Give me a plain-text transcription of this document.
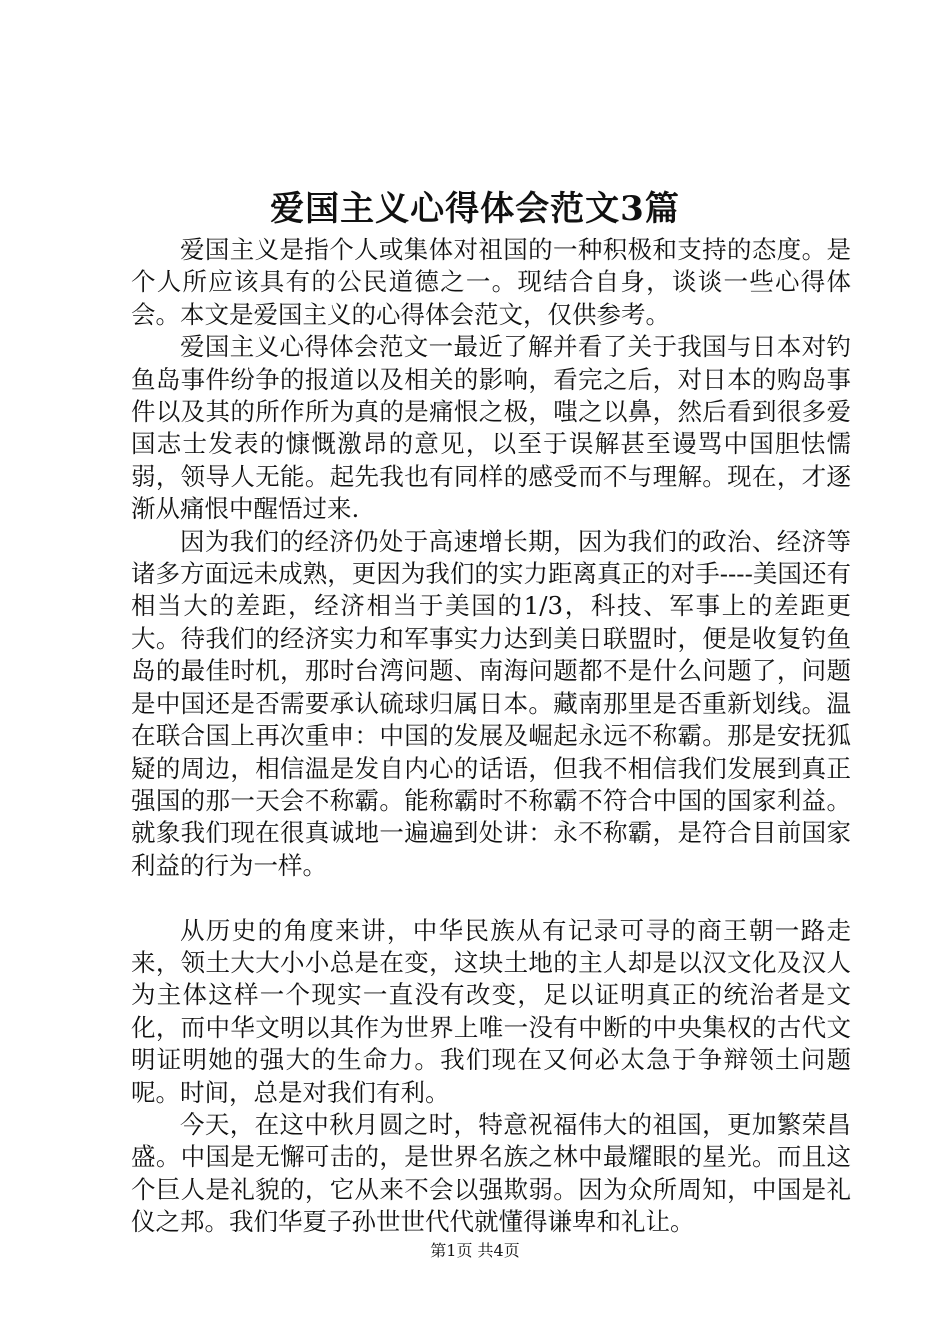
爱国主义心得体会范文3篇

爱国主义是指个人或集体对祖国的一种积极和支持的态度。是个人所应该具有的公民道德之一。现结合自身，谈谈一些心得体会。本文是爱国主义的心得体会范文，仅供参考。

爱国主义心得体会范文一最近了解并看了关于我国与日本对钓鱼岛事件纷争的报道以及相关的影响，看完之后，对日本的购岛事件以及其的所作所为真的是痛恨之极，嗤之以鼻，然后看到很多爱国志士发表的慷慨激昂的意见，以至于误解甚至谩骂中国胆怯懦弱，领导人无能。起先我也有同样的感受而不与理解。现在，才逐渐从痛恨中醒悟过来.

因为我们的经济仍处于高速增长期，因为我们的政治、经济等诸多方面远未成熟，更因为我们的实力距离真正的对手----美国还有相当大的差距，经济相当于美国的1/3，科技、军事上的差距更大。待我们的经济实力和军事实力达到美日联盟时，便是收复钓鱼岛的最佳时机，那时台湾问题、南海问题都不是什么问题了，问题是中国还是否需要承认硫球归属日本。藏南那里是否重新划线。温在联合国上再次重申：中国的发展及崛起永远不称霸。那是安抚狐疑的周边，相信温是发自内心的话语，但我不相信我们发展到真正强国的那一天会不称霸。能称霸时不称霸不符合中国的国家利益。就象我们现在很真诚地一遍遍到处讲：永不称霸，是符合目前国家利益的行为一样。

从历史的角度来讲，中华民族从有记录可寻的商王朝一路走来，领土大大小小总是在变，这块土地的主人却是以汉文化及汉人为主体这样一个现实一直没有改变，足以证明真正的统治者是文化，而中华文明以其作为世界上唯一没有中断的中央集权的古代文明证明她的强大的生命力。我们现在又何必太急于争辩领土问题呢。时间，总是对我们有利。

今天，在这中秋月圆之时，特意祝福伟大的祖国，更加繁荣昌盛。中国是无懈可击的，是世界名族之林中最耀眼的星光。而且这个巨人是礼貌的，它从来不会以强欺弱。因为众所周知，中国是礼仪之邦。我们华夏子孙世世代代就懂得谦卑和礼让。

第1页 共4页
